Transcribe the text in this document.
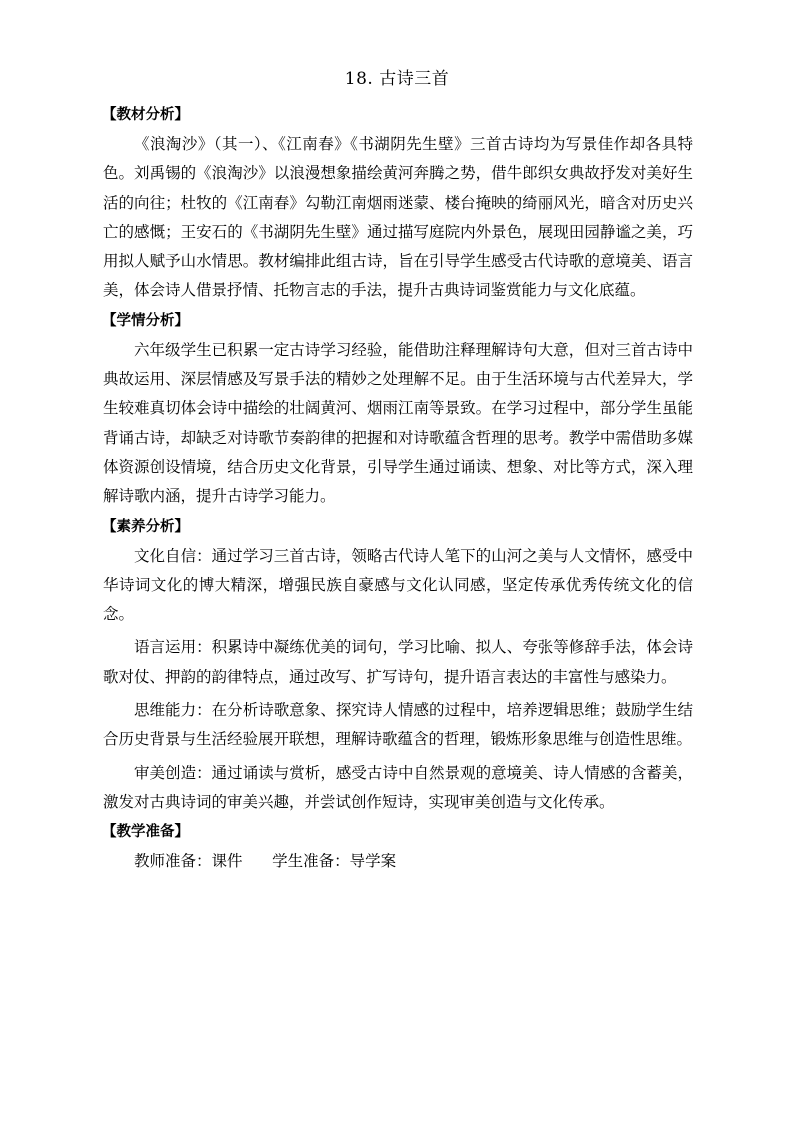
18. 古诗三首
【教材分析】

《浪淘沙》（其一）、《江南春》《书湖阴先生壁》三首古诗均为写景佳作却各具特色。刘禹锡的《浪淘沙》以浪漫想象描绘黄河奔腾之势，借牛郎织女典故抒发对美好生活的向往；杜牧的《江南春》勾勒江南烟雨迷蒙、楼台掩映的绮丽风光，暗含对历史兴亡的感慨；王安石的《书湖阴先生壁》通过描写庭院内外景色，展现田园静谧之美，巧用拟人赋予山水情思。教材编排此组古诗，旨在引导学生感受古代诗歌的意境美、语言美，体会诗人借景抒情、托物言志的手法，提升古典诗词鉴赏能力与文化底蕴。

【学情分析】

六年级学生已积累一定古诗学习经验，能借助注释理解诗句大意，但对三首古诗中典故运用、深层情感及写景手法的精妙之处理解不足。由于生活环境与古代差异大，学生较难真切体会诗中描绘的壮阔黄河、烟雨江南等景致。在学习过程中，部分学生虽能背诵古诗，却缺乏对诗歌节奏韵律的把握和对诗歌蕴含哲理的思考。教学中需借助多媒体资源创设情境，结合历史文化背景，引导学生通过诵读、想象、对比等方式，深入理解诗歌内涵，提升古诗学习能力。

【素养分析】

文化自信：通过学习三首古诗，领略古代诗人笔下的山河之美与人文情怀，感受中华诗词文化的博大精深，增强民族自豪感与文化认同感，坚定传承优秀传统文化的信念。

语言运用：积累诗中凝练优美的词句，学习比喻、拟人、夸张等修辞手法，体会诗歌对仗、押韵的韵律特点，通过改写、扩写诗句，提升语言表达的丰富性与感染力。

思维能力：在分析诗歌意象、探究诗人情感的过程中，培养逻辑思维；鼓励学生结合历史背景与生活经验展开联想，理解诗歌蕴含的哲理，锻炼形象思维与创造性思维。

审美创造：通过诵读与赏析，感受古诗中自然景观的意境美、诗人情感的含蓄美，激发对古典诗词的审美兴趣，并尝试创作短诗，实现审美创造与文化传承。

【教学准备】
教师准备：课件 学生准备：导学案
